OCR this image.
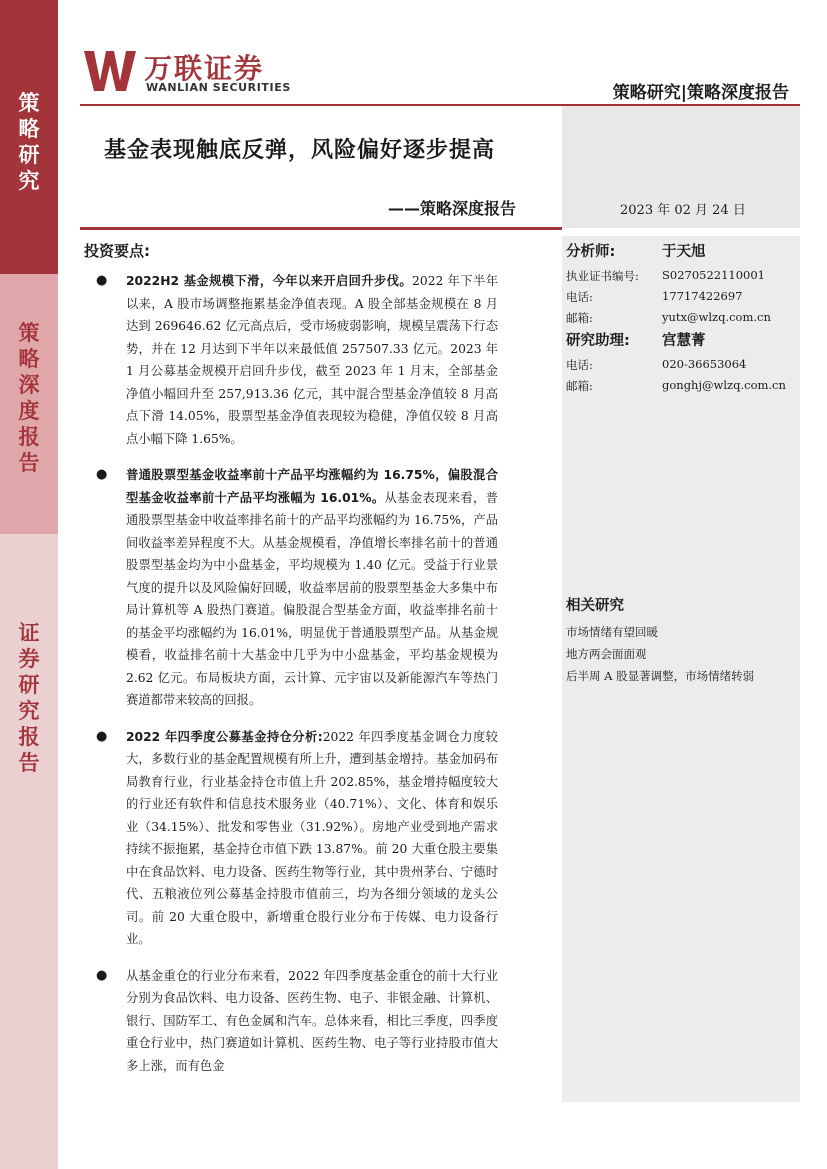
策
略
研
究
策
略
深
度
报
告
证
券
研
究
报
告
万联证券
WANLIAN SECURITIES	策略研究|策略深度报告
基金表现触底反弹，风险偏好逐步提高
——策略深度报告	2023 年 02 月 24 日
投资要点:
● 2022H2 基金规模下滑，今年以来开启回升步伐。2022 年下半年以来，A 股市场调整拖累基金净值表现。A 股全部基金规模在 8 月达到 269646.62 亿元高点后，受市场疲弱影响，规模呈震荡下行态势，并在 12 月达到下半年以来最低值 257507.33 亿元。2023 年 1 月公募基金规模开启回升步伐，截至 2023 年 1 月末，全部基金净值小幅回升至 257,913.36 亿元，其中混合型基金净值较 8 月高点下滑 14.05%，股票型基金净值表现较为稳健，净值仅较 8 月高点小幅下降 1.65%。
● 普通股票型基金收益率前十产品平均涨幅约为 16.75%，偏股混合型基金收益率前十产品平均涨幅为 16.01%。从基金表现来看，普通股票型基金中收益率排名前十的产品平均涨幅约为 16.75%，产品间收益率差异程度不大。从基金规模看，净值增长率排名前十的普通股票型基金均为中小盘基金，平均规模为 1.40 亿元。受益于行业景气度的提升以及风险偏好回暖，收益率居前的股票型基金大多集中布局计算机等 A 股热门赛道。偏股混合型基金方面，收益率排名前十的基金平均涨幅约为 16.01%，明显优于普通股票型产品。从基金规模看，收益排名前十大基金中几乎为中小盘基金，平均基金规模为 2.62 亿元。布局板块方面，云计算、元宇宙以及新能源汽车等热门赛道都带来较高的回报。
● 2022 年四季度公募基金持仓分析:2022 年四季度基金调仓力度较大，多数行业的基金配置规模有所上升，遭到基金增持。基金加码布局教育行业，行业基金持仓市值上升 202.85%，基金增持幅度较大的行业还有软件和信息技术服务业（40.71%）、文化、体育和娱乐业（34.15%）、批发和零售业（31.92%）。房地产业受到地产需求持续不振拖累，基金持仓市值下跌 13.87%。前 20 大重仓股主要集中在食品饮料、电力设备、医药生物等行业，其中贵州茅台、宁德时代、五粮液位列公募基金持股市值前三，均为各细分领域的龙头公司。前 20 大重仓股中，新增重仓股行业分布于传媒、电力设备行业。
● 从基金重仓的行业分布来看，2022 年四季度基金重仓的前十大行业分别为食品饮料、电力设备、医药生物、电子、非银金融、计算机、银行、国防军工、有色金属和汽车。总体来看，相比三季度，四季度重仓行业中，热门赛道如计算机、医药生物、电子等行业持股市值大多上涨，而有色金
分析师:	于天旭
执业证书编号: S0270522110001
电话:	17717422697
邮箱:	yutx@wlzq.com.cn
研究助理: 宫慧菁
电话:	020-36653064
邮箱:	gonghj@wlzq.com.cn
相关研究
市场情绪有望回暖
地方两会面面观
后半周 A 股显著调整，市场情绪转弱
